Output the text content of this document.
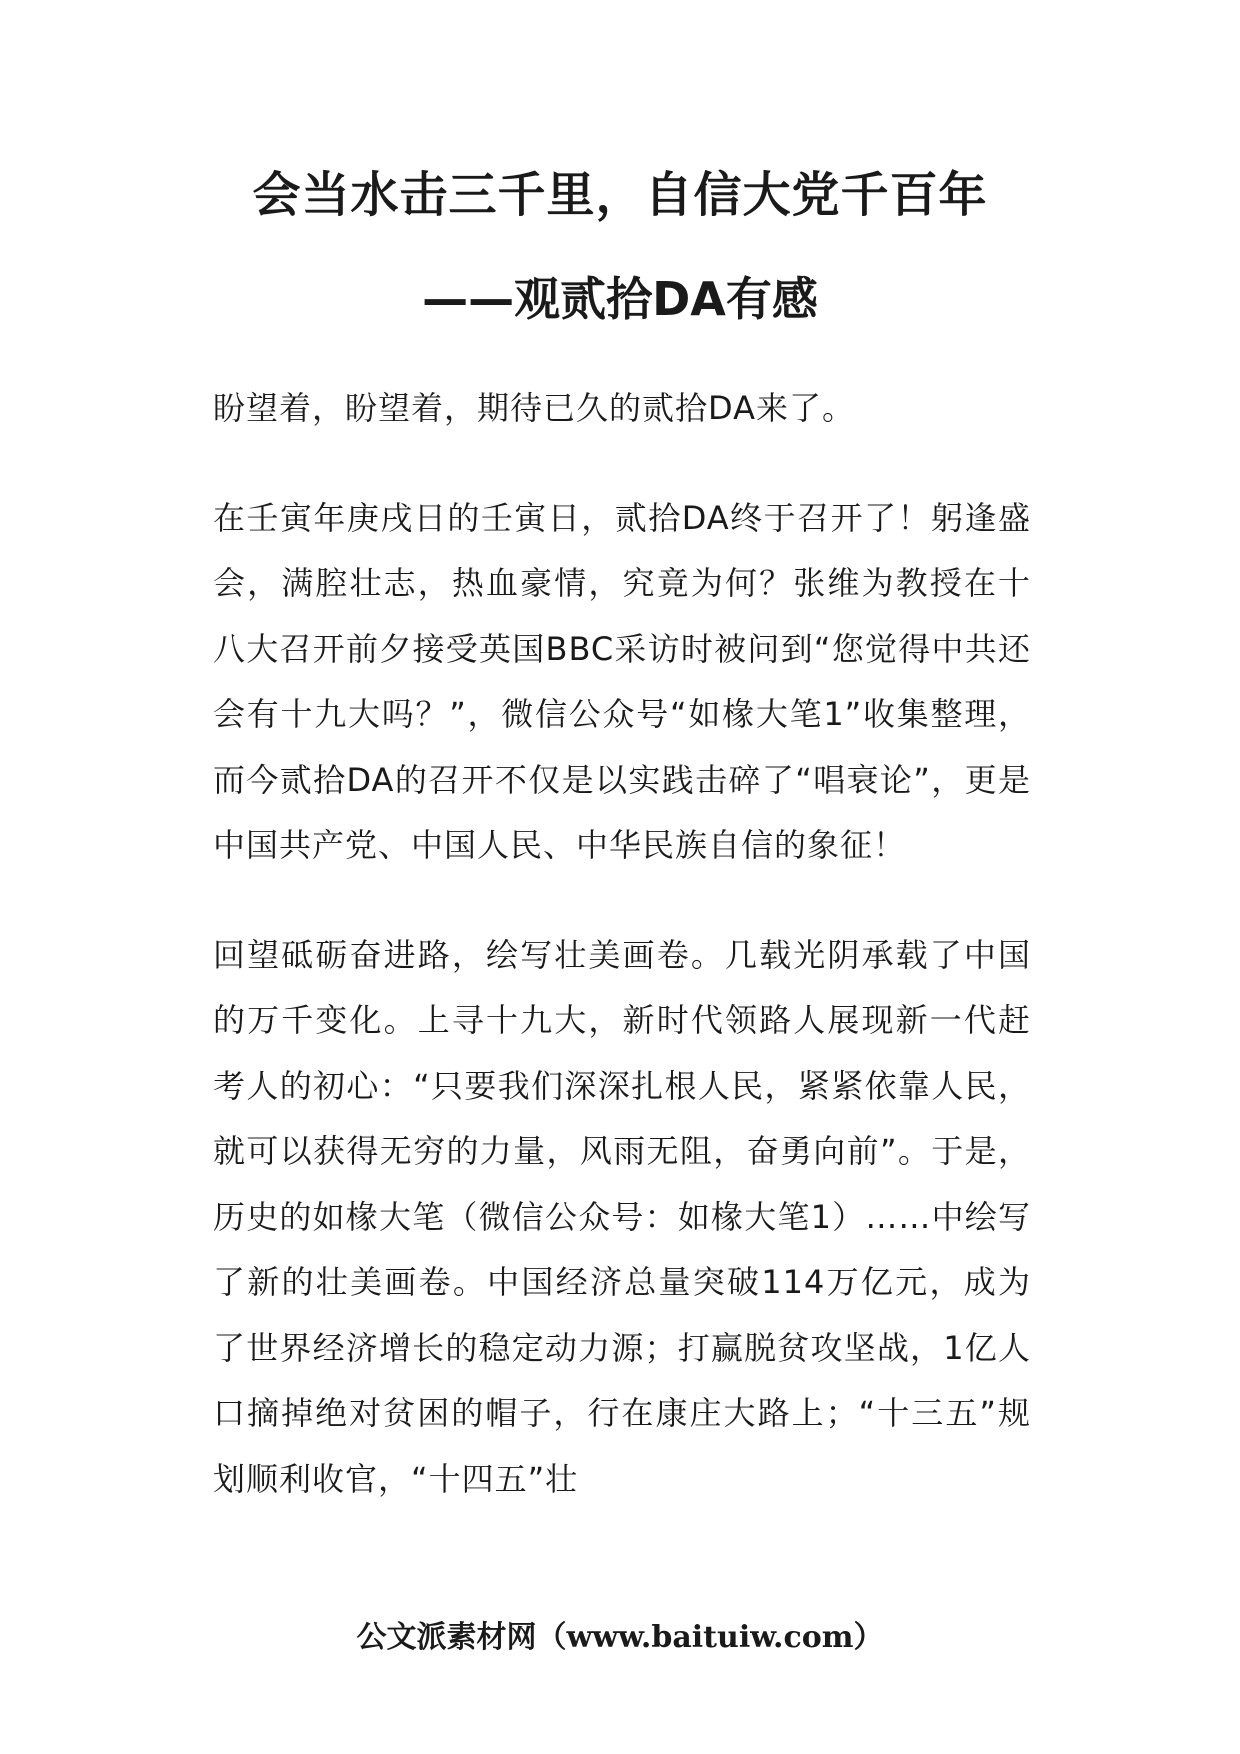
会当水击三千里，自信大党千百年
——观贰拾DA有感

盼望着，盼望着，期待已久的贰拾DA来了。

在壬寅年庚戌日的壬寅日，贰拾DA终于召开了！躬逢盛会，满腔壮志，热血豪情，究竟为何？张维为教授在十八大召开前夕接受英国BBC采访时被问到“您觉得中共还会有十九大吗？”，微信公众号“如椽大笔1”收集整理，而今贰拾DA的召开不仅是以实践击碎了“唱衰论”，更是中国共产党、中国人民、中华民族自信的象征！

回望砥砺奋进路，绘写壮美画卷。几载光阴承载了中国的万千变化。上寻十九大，新时代领路人展现新一代赶考人的初心：“只要我们深深扎根人民，紧紧依靠人民，就可以获得无穷的力量，风雨无阻，奋勇向前”。于是，历史的如椽大笔（微信公众号：如椽大笔1）……中绘写了新的壮美画卷。中国经济总量突破114万亿元，成为了世界经济增长的稳定动力源；打赢脱贫攻坚战，1亿人口摘掉绝对贫困的帽子，行在康庄大路上；“十三五”规划顺利收官，“十四五”壮

公文派素材网（www.baituiw.com）
